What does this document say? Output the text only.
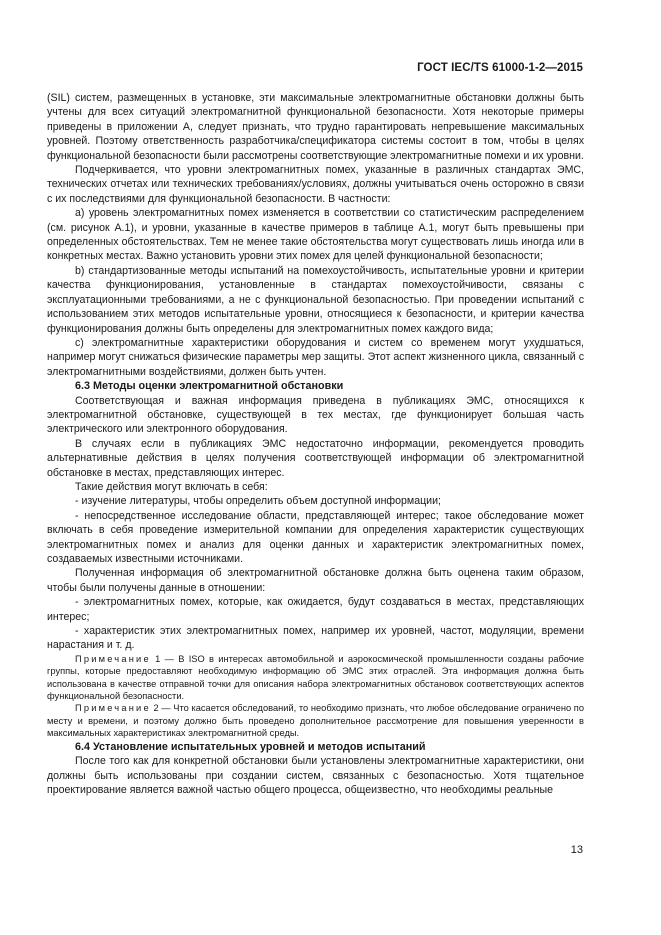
ГОСТ IEC/TS 61000-1-2—2015

(SIL) систем, размещенных в установке, эти максимальные электромагнитные обстановки должны быть учтены для всех ситуаций электромагнитной функциональной безопасности. Хотя некоторые примеры приведены в приложении А, следует признать, что трудно гарантировать непревышение максимальных уровней. Поэтому ответственность разработчика/спецификатора системы состоит в том, чтобы в целях функциональной безопасности были рассмотрены соответствующие электромагнитные помехи и их уровни.

Подчеркивается, что уровни электромагнитных помех, указанные в различных стандартах ЭМС, технических отчетах или технических требованиях/условиях, должны учитываться очень осторожно в связи с их последствиями для функциональной безопасности. В частности:

а) уровень электромагнитных помех изменяется в соответствии со статистическим распределением (см. рисунок А.1), и уровни, указанные в качестве примеров в таблице А.1, могут быть превышены при определенных обстоятельствах. Тем не менее такие обстоятельства могут существовать лишь иногда или в конкретных местах. Важно установить уровни этих помех для целей функциональной безопасности;

b) стандартизованные методы испытаний на помехоустойчивость, испытательные уровни и критерии качества функционирования, установленные в стандартах помехоустойчивости, связаны с эксплуатационными требованиями, а не с функциональной безопасностью. При проведении испытаний с использованием этих методов испытательные уровни, относящиеся к безопасности, и критерии качества функционирования должны быть определены для электромагнитных помех каждого вида;

c) электромагнитные характеристики оборудования и систем со временем могут ухудшаться, например могут снижаться физические параметры мер защиты. Этот аспект жизненного цикла, связанный с электромагнитными воздействиями, должен быть учтен.

6.3 Методы оценки электромагнитной обстановки

Соответствующая и важная информация приведена в публикациях ЭМС, относящихся к электромагнитной обстановке, существующей в тех местах, где функционирует большая часть электрического или электронного оборудования.

В случаях если в публикациях ЭМС недостаточно информации, рекомендуется проводить альтернативные действия в целях получения соответствующей информации об электромагнитной обстановке в местах, представляющих интерес.

Такие действия могут включать в себя:

- изучение литературы, чтобы определить объем доступной информации;

- непосредственное исследование области, представляющей интерес; такое обследование может включать в себя проведение измерительной компании для определения характеристик существующих электромагнитных помех и анализ для оценки данных и характеристик электромагнитных помех, создаваемых известными источниками.

Полученная информация об электромагнитной обстановке должна быть оценена таким образом, чтобы были получены данные в отношении:

- электромагнитных помех, которые, как ожидается, будут создаваться в местах, представляющих интерес;

- характеристик этих электромагнитных помех, например их уровней, частот, модуляции, времени нарастания и т. д.

Примечание 1 — В ISO в интересах автомобильной и аэрокосмической промышленности созданы рабочие группы, которые предоставляют необходимую информацию об ЭМС этих отраслей. Эта информация должна быть использована в качестве отправной точки для описания набора электромагнитных обстановок соответствующих аспектов функциональной безопасности.

Примечание 2 — Что касается обследований, то необходимо признать, что любое обследование ограничено по месту и времени, и поэтому должно быть проведено дополнительное рассмотрение для повышения уверенности в максимальных характеристиках электромагнитной среды.

6.4 Установление испытательных уровней и методов испытаний

После того как для конкретной обстановки были установлены электромагнитные характеристики, они должны быть использованы при создании систем, связанных с безопасностью. Хотя тщательное проектирование является важной частью общего процесса, общеизвестно, что необходимы реальные

13
